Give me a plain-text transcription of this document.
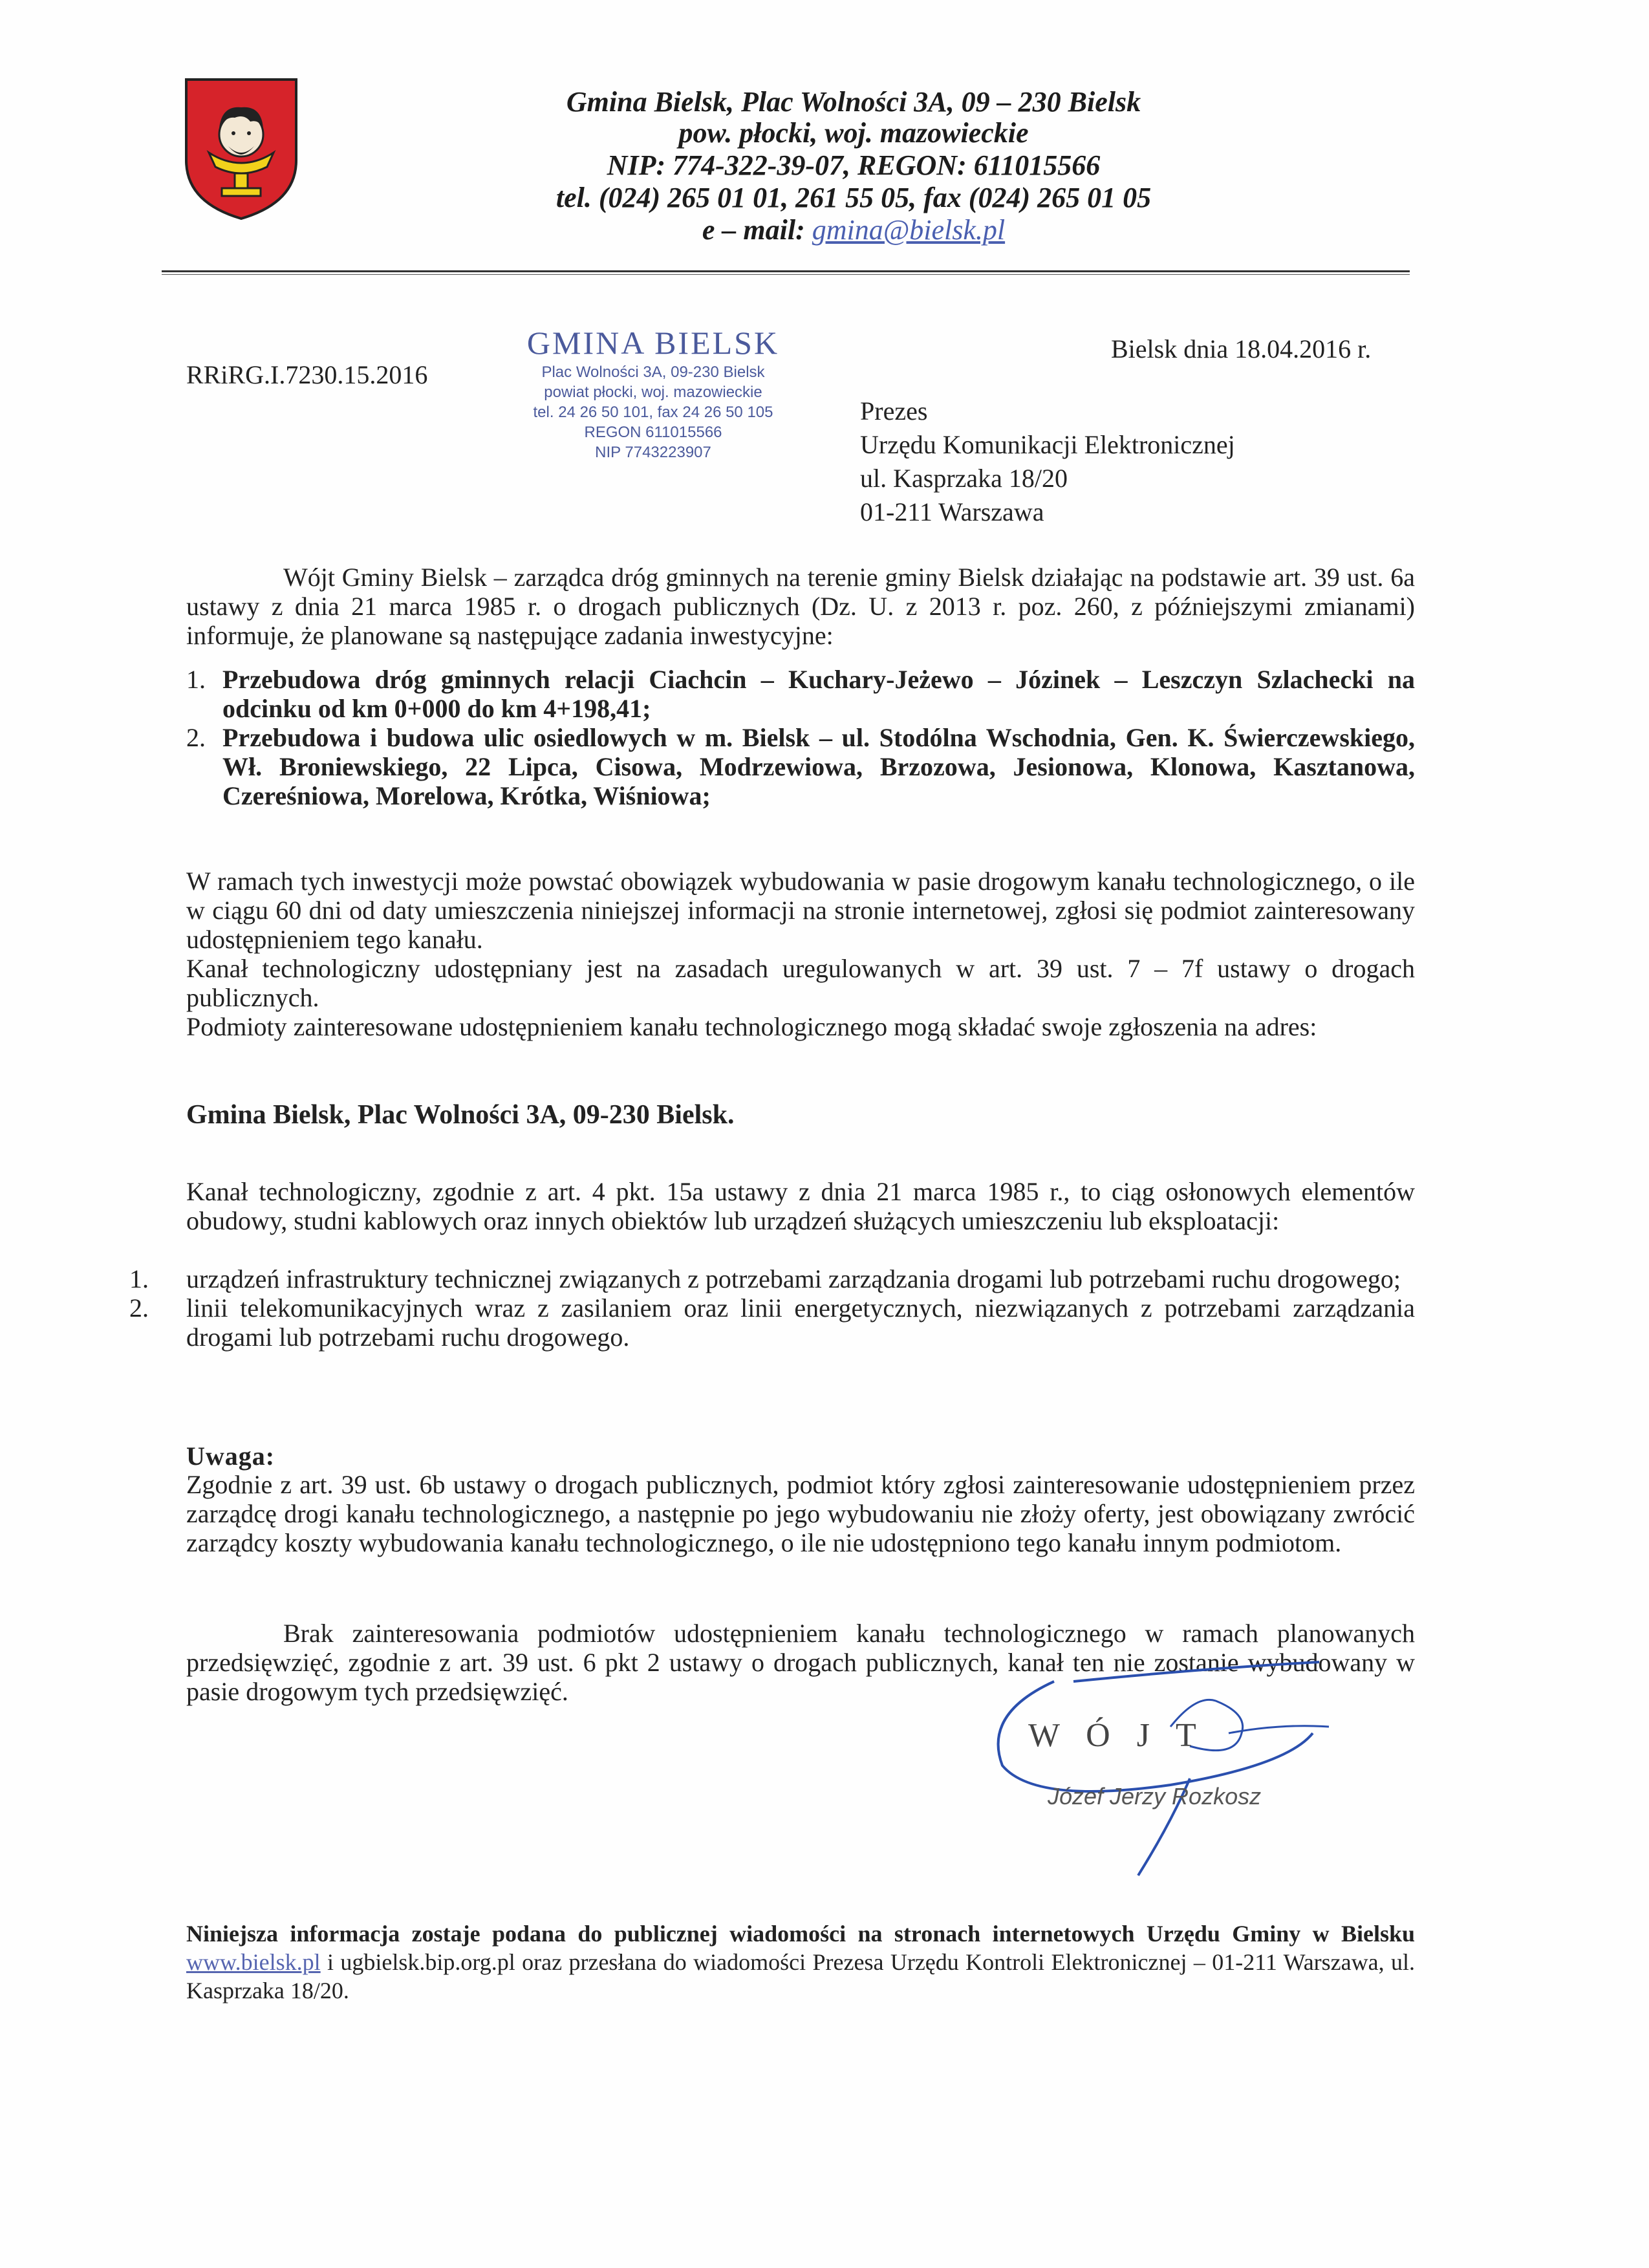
Gmina Bielsk, Plac Wolności 3A, 09 – 230 Bielsk
pow. płocki, woj. mazowieckie
NIP: 774-322-39-07, REGON: 611015566
tel. (024) 265 01 01, 261 55 05, fax (024) 265 01 05
e – mail: gmina@bielsk.pl
GMINA BIELSK
Plac Wolności 3A, 09-230 Bielsk
powiat płocki, woj. mazowieckie
tel. 24 26 50 101, fax 24 26 50 105
REGON 611015566
NIP 7743223907
RRiRG.I.7230.15.2016
Bielsk dnia 18.04.2016 r.
Prezes
Urzędu Komunikacji Elektronicznej
ul. Kasprzaka 18/20
01-211 Warszawa
Wójt Gminy Bielsk – zarządca dróg gminnych na terenie gminy Bielsk działając na podstawie art. 39 ust. 6a ustawy z dnia 21 marca 1985 r. o drogach publicznych (Dz. U. z 2013 r. poz. 260, z późniejszymi zmianami) informuje, że planowane są następujące zadania inwestycyjne:
1. Przebudowa dróg gminnych relacji Ciachcin – Kuchary-Jeżewo – Józinek – Leszczyn Szlachecki na odcinku od km 0+000 do km 4+198,41;
2. Przebudowa i budowa ulic osiedlowych w m. Bielsk – ul. Stodólna Wschodnia, Gen. K. Świerczewskiego, Wł. Broniewskiego, 22 Lipca, Cisowa, Modrzewiowa, Brzozowa, Jesionowa, Klonowa, Kasztanowa, Czereśniowa, Morelowa, Krótka, Wiśniowa;
W ramach tych inwestycji może powstać obowiązek wybudowania w pasie drogowym kanału technologicznego, o ile w ciągu 60 dni od daty umieszczenia niniejszej informacji na stronie internetowej, zgłosi się podmiot zainteresowany udostępnieniem tego kanału.
Kanał technologiczny udostępniany jest na zasadach uregulowanych w art. 39 ust. 7 – 7f ustawy o drogach publicznych.
Podmioty zainteresowane udostępnieniem kanału technologicznego mogą składać swoje zgłoszenia na adres:
Gmina Bielsk, Plac Wolności 3A, 09-230 Bielsk.
Kanał technologiczny, zgodnie z art. 4 pkt. 15a ustawy z dnia 21 marca 1985 r., to ciąg osłonowych elementów obudowy, studni kablowych oraz innych obiektów lub urządzeń służących umieszczeniu lub eksploatacji:
1.	urządzeń infrastruktury technicznej związanych z potrzebami zarządzania drogami lub potrzebami ruchu drogowego;
2.	linii telekomunikacyjnych wraz z zasilaniem oraz linii energetycznych, niezwiązanych z potrzebami zarządzania drogami lub potrzebami ruchu drogowego.
Uwaga:
Zgodnie z art. 39 ust. 6b ustawy o drogach publicznych, podmiot który zgłosi zainteresowanie udostępnieniem przez zarządcę drogi kanału technologicznego, a następnie po jego wybudowaniu nie złoży oferty, jest obowiązany zwrócić zarządcy koszty wybudowania kanału technologicznego, o ile nie udostępniono tego kanału innym podmiotom.
Brak zainteresowania podmiotów udostępnieniem kanału technologicznego w ramach planowanych przedsięwzięć, zgodnie z art. 39 ust. 6 pkt 2 ustawy o drogach publicznych, kanał ten nie zostanie wybudowany w pasie drogowym tych przedsięwzięć.
W Ó J T
Józef Jerzy Rozkosz
Niniejsza informacja zostaje podana do publicznej wiadomości na stronach internetowych Urzędu Gminy w Bielsku www.bielsk.pl i ugbielsk.bip.org.pl oraz przesłana do wiadomości Prezesa Urzędu Kontroli Elektronicznej – 01-211 Warszawa, ul. Kasprzaka 18/20.
